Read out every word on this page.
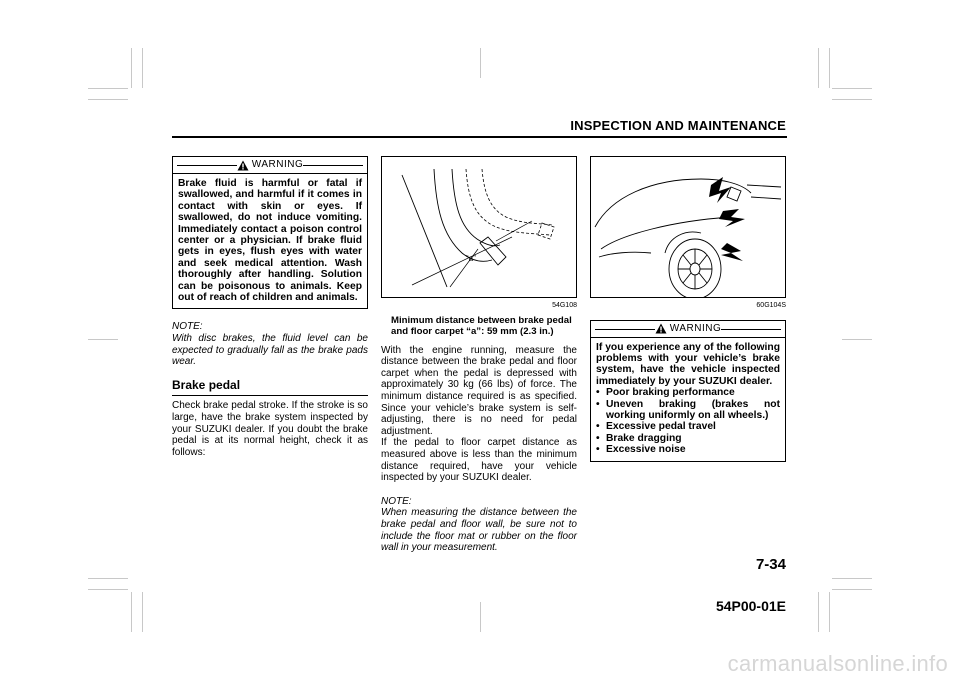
INSPECTION AND MAINTENANCE
WARNING
Brake fluid is harmful or fatal if swallowed, and harmful if it comes in contact with skin or eyes. If swallowed, do not induce vomiting. Immediately contact a poison control center or a physician. If brake fluid gets in eyes, flush eyes with water and seek medical attention. Wash thoroughly after handling. Solution can be poisonous to animals. Keep out of reach of children and animals.
NOTE:
With disc brakes, the fluid level can be expected to gradually fall as the brake pads wear.
Brake pedal
Check brake pedal stroke. If the stroke is so large, have the brake system inspected by your SUZUKI dealer. If you doubt the brake pedal is at its normal height, check it as follows:
“a”
54G108
Minimum distance between brake pedal and floor carpet “a”: 59 mm (2.3 in.)
With the engine running, measure the distance between the brake pedal and floor carpet when the pedal is depressed with approximately 30 kg (66 lbs) of force. The minimum distance required is as specified. Since your vehicle’s brake system is self-adjusting, there is no need for pedal adjustment.
If the pedal to floor carpet distance as measured above is less than the minimum distance required, have your vehicle inspected by your SUZUKI dealer.
NOTE:
When measuring the distance between the brake pedal and floor wall, be sure not to include the floor mat or rubber on the floor wall in your measurement.
60G104S
WARNING
If you experience any of the following problems with your vehicle’s brake system, have the vehicle inspected immediately by your SUZUKI dealer.
• Poor braking performance
• Uneven braking (brakes not working uniformly on all wheels.)
• Excessive pedal travel
• Brake dragging
• Excessive noise
7-34
54P00-01E
carmanualsonline.info
